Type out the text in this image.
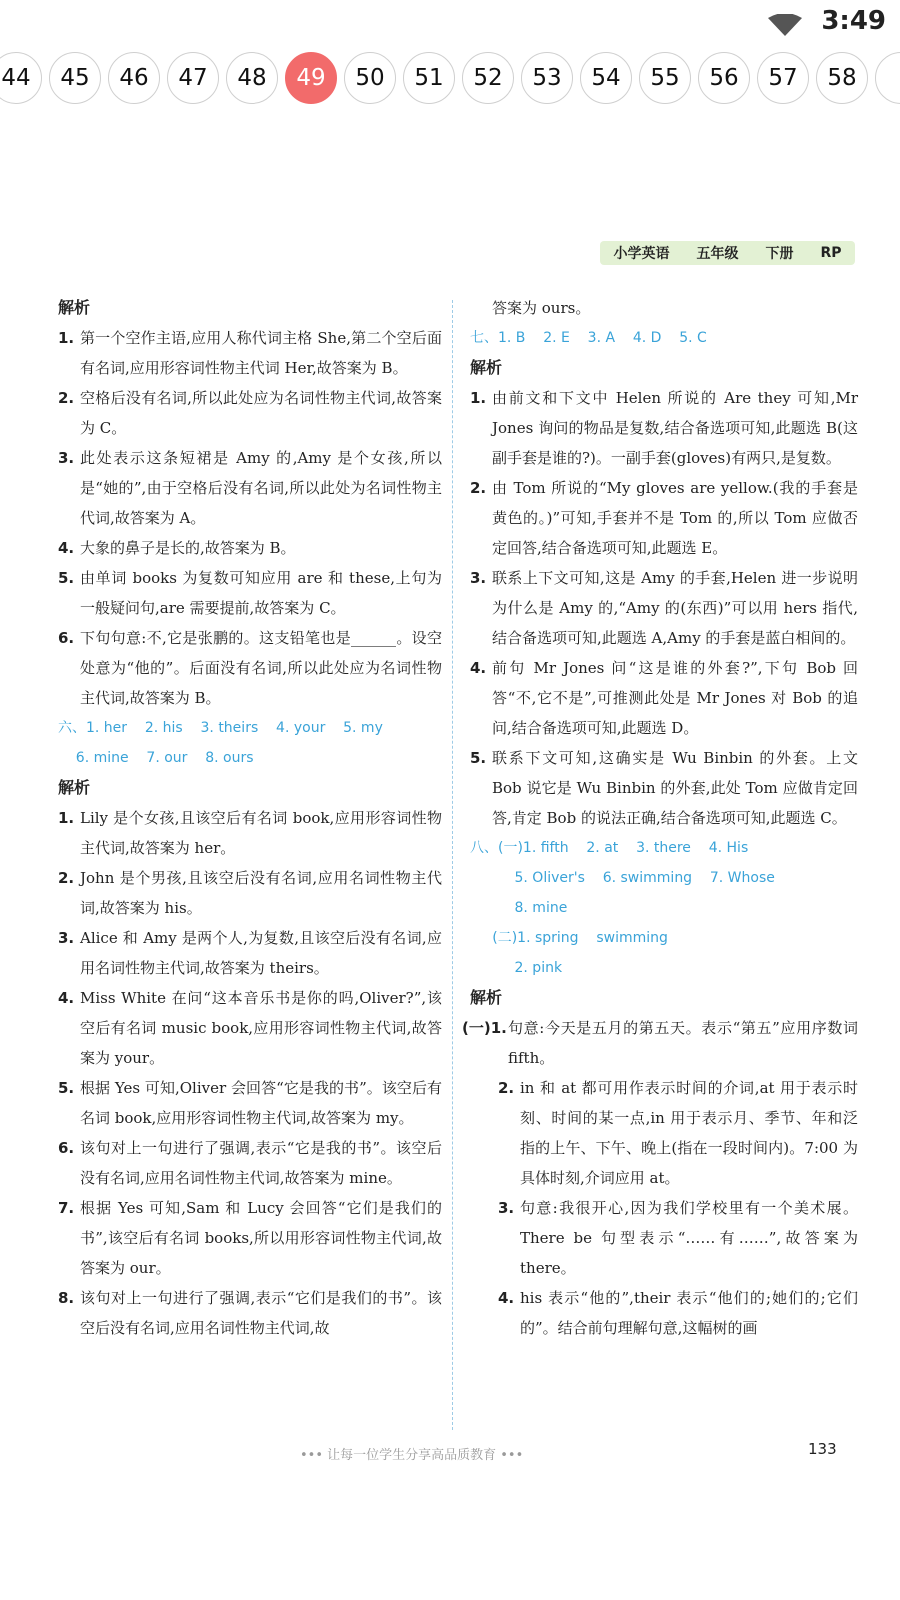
3:49
44	45	46	47	48	49	50	51	52	53	54	55	56	57	58
小学英语 五年级 下册 RP
解析
1. 第一个空作主语,应用人称代词主格 She,第二个空后面有名词,应用形容词性物主代词 Her,故答案为 B。
2. 空格后没有名词,所以此处应为名词性物主代词,故答案为 C。
3. 此处表示这条短裙是 Amy 的,Amy 是个女孩,所以是“她的”,由于空格后没有名词,所以此处为名词性物主代词,故答案为 A。
4. 大象的鼻子是长的,故答案为 B。
5. 由单词 books 为复数可知应用 are 和 these,上句为一般疑问句,are 需要提前,故答案为 C。
6. 下句句意:不,它是张鹏的。这支铅笔也是______。设空处意为“他的”。后面没有名词,所以此处应为名词性物主代词,故答案为 B。
六、1. her    2. his    3. theirs    4. your    5. my
6. mine    7. our    8. ours
解析
1. Lily 是个女孩,且该空后有名词 book,应用形容词性物主代词,故答案为 her。
2. John 是个男孩,且该空后没有名词,应用名词性物主代词,故答案为 his。
3. Alice 和 Amy 是两个人,为复数,且该空后没有名词,应用名词性物主代词,故答案为 theirs。
4. Miss White 在问“这本音乐书是你的吗,Oliver?”,该空后有名词 music book,应用形容词性物主代词,故答案为 your。
5. 根据 Yes 可知,Oliver 会回答“它是我的书”。该空后有名词 book,应用形容词性物主代词,故答案为 my。
6. 该句对上一句进行了强调,表示“它是我的书”。该空后没有名词,应用名词性物主代词,故答案为 mine。
7. 根据 Yes 可知,Sam 和 Lucy 会回答“它们是我们的书”,该空后有名词 books,所以用形容词性物主代词,故答案为 our。
8. 该句对上一句进行了强调,表示“它们是我们的书”。该空后没有名词,应用名词性物主代词,故
答案为 ours。
七、1. B    2. E    3. A    4. D    5. C
解析
1. 由前文和下文中 Helen 所说的 Are they 可知,Mr Jones 询问的物品是复数,结合备选项可知,此题选 B(这副手套是谁的?)。一副手套(gloves)有两只,是复数。
2. 由 Tom 所说的“My gloves are yellow.(我的手套是黄色的。)”可知,手套并不是 Tom 的,所以 Tom 应做否定回答,结合备选项可知,此题选 E。
3. 联系上下文可知,这是 Amy 的手套,Helen 进一步说明为什么是 Amy 的,“Amy 的(东西)”可以用 hers 指代,结合备选项可知,此题选 A,Amy 的手套是蓝白相间的。
4. 前句 Mr Jones 问“这是谁的外套?”,下句 Bob 回答“不,它不是”,可推测此处是 Mr Jones 对 Bob 的追问,结合备选项可知,此题选 D。
5. 联系下文可知,这确实是 Wu Binbin 的外套。上文 Bob 说它是 Wu Binbin 的外套,此处 Tom 应做肯定回答,肯定 Bob 的说法正确,结合备选项可知,此题选 C。
八、(一)1. fifth    2. at    3. there    4. His
5. Oliver's    6. swimming    7. Whose
8. mine
(二)1. spring    swimming
2. pink
解析
(一)1. 句意:今天是五月的第五天。表示“第五”应用序数词 fifth。
2. in 和 at 都可用作表示时间的介词,at 用于表示时刻、时间的某一点,in 用于表示月、季节、年和泛指的上午、下午、晚上(指在一段时间内)。7:00 为具体时刻,介词应用 at。
3. 句意:我很开心,因为我们学校里有一个美术展。There be 句型表示“……有……”,故答案为 there。
4. his 表示“他的”,their 表示“他们的;她们的;它们的”。结合前句理解句意,这幅树的画
••• 让每一位学生分享高品质教育 •••	133
